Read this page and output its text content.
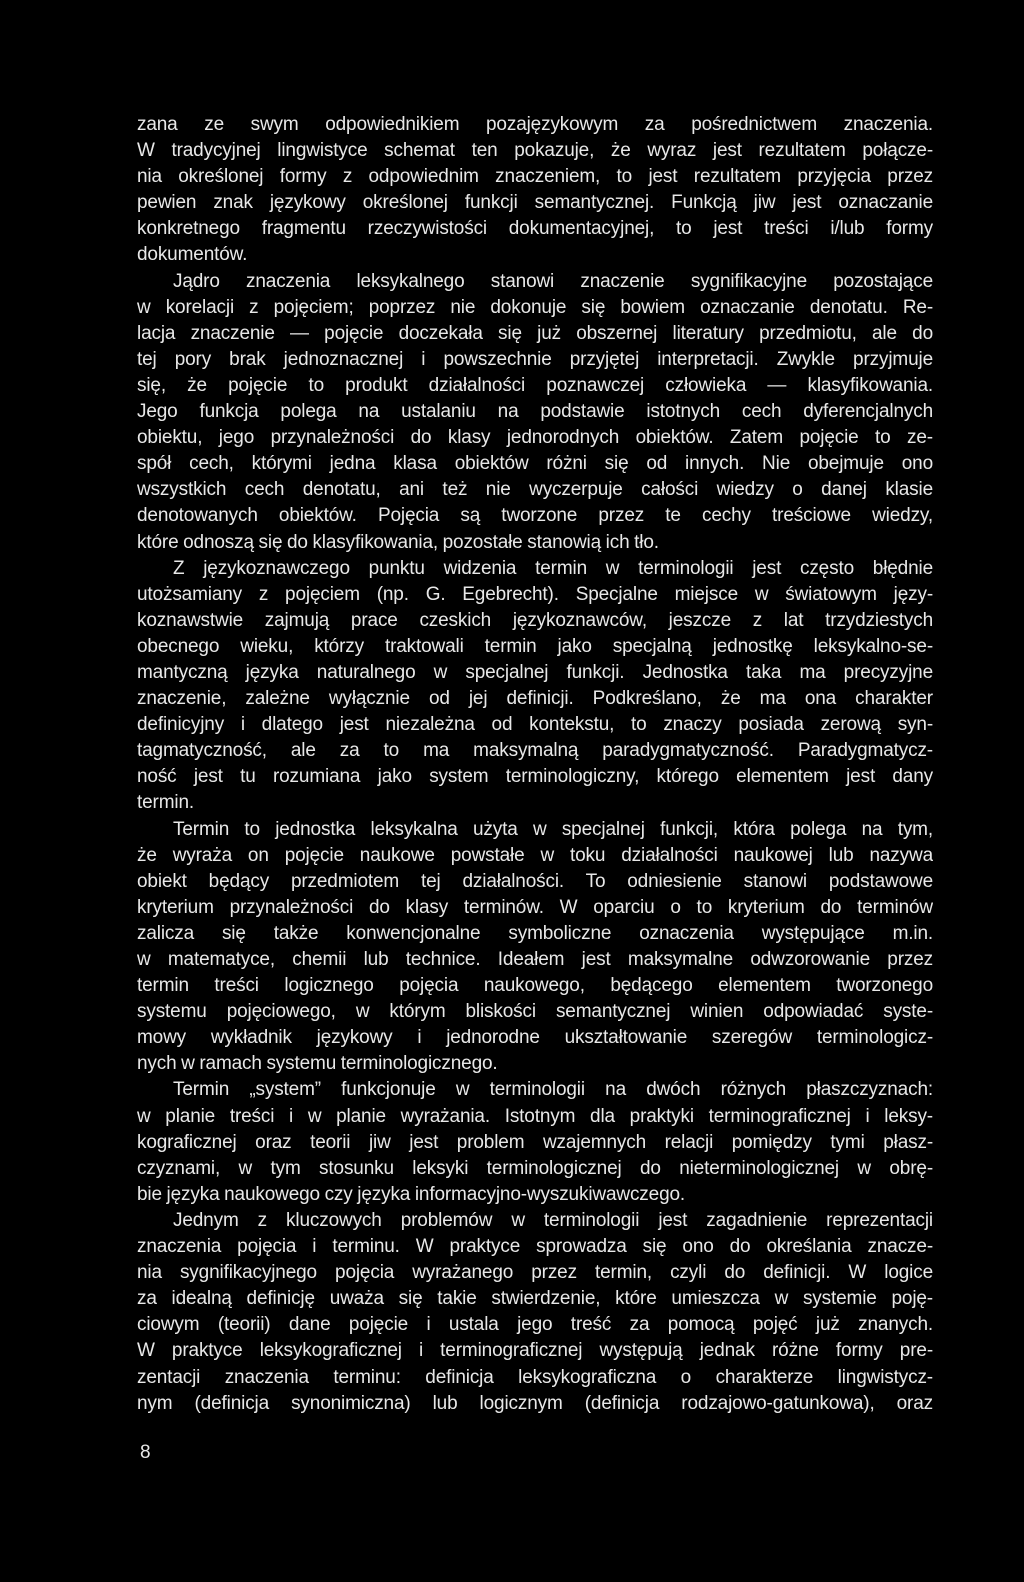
zana ze swym odpowiednikiem pozajęzykowym za pośrednictwem znaczenia.
W tradycyjnej lingwistyce schemat ten pokazuje, że wyraz jest rezultatem połącze-
nia określonej formy z odpowiednim znaczeniem, to jest rezultatem przyjęcia przez
pewien znak językowy określonej funkcji semantycznej. Funkcją jiw jest oznaczanie
konkretnego fragmentu rzeczywistości dokumentacyjnej, to jest treści i/lub formy
dokumentów.
Jądro znaczenia leksykalnego stanowi znaczenie sygnifikacyjne pozostające
w korelacji z pojęciem; poprzez nie dokonuje się bowiem oznaczanie denotatu. Re-
lacja znaczenie — pojęcie doczekała się już obszernej literatury przedmiotu, ale do
tej pory brak jednoznacznej i powszechnie przyjętej interpretacji. Zwykle przyjmuje
się, że pojęcie to produkt działalności poznawczej człowieka — klasyfikowania.
Jego funkcja polega na ustalaniu na podstawie istotnych cech dyferencjalnych
obiektu, jego przynależności do klasy jednorodnych obiektów. Zatem pojęcie to ze-
spół cech, którymi jedna klasa obiektów różni się od innych. Nie obejmuje ono
wszystkich cech denotatu, ani też nie wyczerpuje całości wiedzy o danej klasie
denotowanych obiektów. Pojęcia są tworzone przez te cechy treściowe wiedzy,
które odnoszą się do klasyfikowania, pozostałe stanowią ich tło.
Z językoznawczego punktu widzenia termin w terminologii jest często błędnie
utożsamiany z pojęciem (np. G. Egebrecht). Specjalne miejsce w światowym języ-
koznawstwie zajmują prace czeskich językoznawców, jeszcze z lat trzydziestych
obecnego wieku, którzy traktowali termin jako specjalną jednostkę leksykalno-se-
mantyczną języka naturalnego w specjalnej funkcji. Jednostka taka ma precyzyjne
znaczenie, zależne wyłącznie od jej definicji. Podkreślano, że ma ona charakter
definicyjny i dlatego jest niezależna od kontekstu, to znaczy posiada zerową syn-
tagmatyczność, ale za to ma maksymalną paradygmatyczność. Paradygmatycz-
ność jest tu rozumiana jako system terminologiczny, którego elementem jest dany
termin.
Termin to jednostka leksykalna użyta w specjalnej funkcji, która polega na tym,
że wyraża on pojęcie naukowe powstałe w toku działalności naukowej lub nazywa
obiekt będący przedmiotem tej działalności. To odniesienie stanowi podstawowe
kryterium przynależności do klasy terminów. W oparciu o to kryterium do terminów
zalicza się także konwencjonalne symboliczne oznaczenia występujące m.in.
w matematyce, chemii lub technice. Ideałem jest maksymalne odwzorowanie przez
termin treści logicznego pojęcia naukowego, będącego elementem tworzonego
systemu pojęciowego, w którym bliskości semantycznej winien odpowiadać syste-
mowy wykładnik językowy i jednorodne ukształtowanie szeregów terminologicz-
nych w ramach systemu terminologicznego.
Termin „system” funkcjonuje w terminologii na dwóch różnych płaszczyznach:
w planie treści i w planie wyrażania. Istotnym dla praktyki terminograficznej i leksy-
kograficznej oraz teorii jiw jest problem wzajemnych relacji pomiędzy tymi płasz-
czyznami, w tym stosunku leksyki terminologicznej do nieterminologicznej w obrę-
bie języka naukowego czy języka informacyjno-wyszukiwawczego.
Jednym z kluczowych problemów w terminologii jest zagadnienie reprezentacji
znaczenia pojęcia i terminu. W praktyce sprowadza się ono do określania znacze-
nia sygnifikacyjnego pojęcia wyrażanego przez termin, czyli do definicji. W logice
za idealną definicję uważa się takie stwierdzenie, które umieszcza w systemie poję-
ciowym (teorii) dane pojęcie i ustala jego treść za pomocą pojęć już znanych.
W praktyce leksykograficznej i terminograficznej występują jednak różne formy pre-
zentacji znaczenia terminu: definicja leksykograficzna o charakterze lingwistycz-
nym (definicja synonimiczna) lub logicznym (definicja rodzajowo-gatunkowa), oraz
8
